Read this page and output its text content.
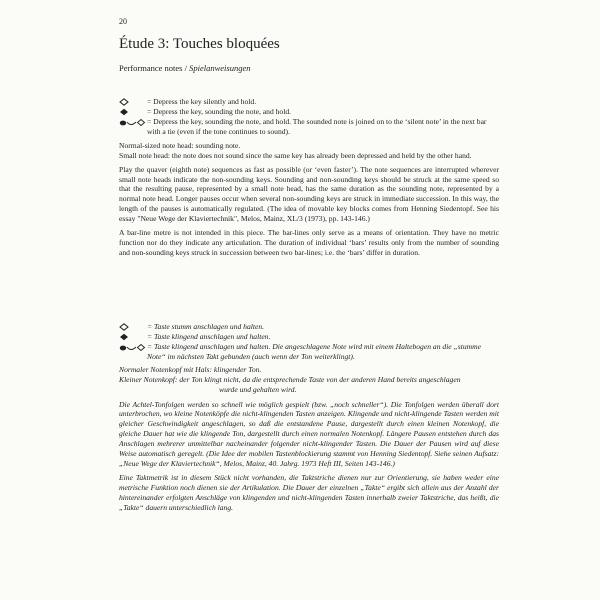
20
Étude 3: Touches bloquées
Performance notes / Spielanweisungen
= Depress the key silently and hold.
= Depress the key, sounding the note, and hold.
= Depress the key, sounding the note, and hold. The sounded note is joined on to the ‘silent note’ in the next bar with a tie (even if the tone continues to sound).

Normal-sized note head: sounding note.

Small note head: the note does not sound since the same key has already been depressed and held by the other hand.

Play the quaver (eighth note) sequences as fast as possible (or ‘even faster’). The note sequences are interrupted wherever small note heads indicate the non-sounding keys. Sounding and non-sounding keys should be struck at the same speed so that the resulting pause, represented by a small note head, has the same duration as the sounding note, represented by a normal note head. Longer pauses occur when several non-sounding keys are struck in immediate succession. In this way, the length of the pauses is automatically regulated. (The idea of movable key blocks comes from Henning Siedentopf. See his essay "Neue Wege der Klaviertechnik", Melos, Mainz, XL/3 (1973), pp. 143-146.)

A bar-line metre is not intended in this piece. The bar-lines only serve as a means of orientation. They have no metric function nor do they indicate any articulation. The duration of individual ‘bars’ results only from the number of sounding and non-sounding keys struck in succession between two bar-lines; i.e. the ‘bars’ differ in duration.

= Taste stumm anschlagen und halten.
= Taste klingend anschlagen und halten.
= Taste klingend anschlagen und halten. Die angeschlagene Note wird mit einem Haltebogen an die „stumme Note“ im nächsten Takt gebunden (auch wenn der Ton weiterklingt).

Normaler Notenkopf mit Hals: klingender Ton.

Kleiner Notenkopf: der Ton klingt nicht, da die entsprechende Taste von der anderen Hand bereits angeschlagen

wurde und gehalten wird.

Die Achtel-Tonfolgen werden so schnell wie möglich gespielt (bzw. „noch schneller“). Die Tonfolgen werden überall dort unterbrochen, wo kleine Notenköpfe die nicht-klingenden Tasten anzeigen. Klingende und nicht-klingende Tasten werden mit gleicher Geschwindigkeit angeschlagen, so daß die entstandene Pause, dargestellt durch einen kleinen Notenkopf, die gleiche Dauer hat wie die klingende Ton, dargestellt durch einen normalen Notenkopf. Längere Pausen entstehen durch das Anschlagen mehrerer unmittelbar nacheinander folgender nicht-klingender Tasten. Die Dauer der Pausen wird auf diese Weise automatisch geregelt. (Die Idee der mobilen Tastenblockierung stammt von Henning Siedentopf. Siehe seinen Aufsatz: „Neue Wege der Klaviertechnik“, Melos, Mainz, 40. Jahrg. 1973 Heft III, Seiten 143-146.)

Eine Taktmetrik ist in diesem Stück nicht vorhanden, die Taktstriche dienen nur zur Orientierung, sie haben weder eine metrische Funktion noch dienen sie der Artikulation. Die Dauer der einzelnen „Takte“ ergibt sich allein aus der Anzahl der hintereinander erfolgten Anschläge von klingenden und nicht-klingenden Tasten innerhalb zweier Taktstriche, das heißt, die „Takte“ dauern unterschiedlich lang.
